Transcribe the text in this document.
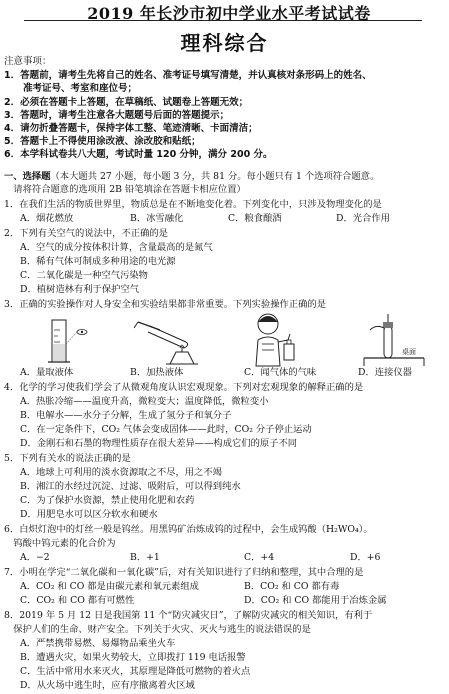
2019 年长沙市初中学业水平考试试卷
理科综合
注意事项：
1．答题前，请考生先将自己的姓名、准考证号填写清楚，并认真核对条形码上的姓名、
　　准考证号、考室和座位号；
2．必须在答题卡上答题，在草稿纸、试题卷上答题无效；
3．答题时，请考生注意各大题题号后面的答题提示；
4．请勿折叠答题卡，保持字体工整、笔迹清晰、卡面清洁；
5．答题卡上不得使用涂改液、涂改胶和贴纸；
6．本学科试卷共八大题，考试时量 120 分钟，满分 200 分。
一、选择题（本大题共 27 小题，每小题 3 分，共 81 分。每小题只有 1 个选项符合题意。
　请将符合题意的选项用 2B 铅笔填涂在答题卡相应位置）
1．在我们生活的物质世界里，物质总是在不断地变化着。下列变化中，只涉及物理变化的是
A．烟花燃放	B．冰雪融化	C．粮食酿酒	D．光合作用
2．下列有关空气的说法中，不正确的是
A．空气的成分按体积计算，含量最高的是氮气
B．稀有气体可制成多种用途的电光源
C．二氧化碳是一种空气污染物
D．植树造林有利于保护空气
3．正确的实验操作对人身安全和实验结果都非常重要。下列实验操作正确的是
桌面
A．量取液体	B．加热液体	C．闻气体的气味	D．连接仪器
4．化学的学习使我们学会了从微观角度认识宏观现象。下列对宏观现象的解释正确的是
A．热胀冷缩——温度升高，微粒变大；温度降低，微粒变小
B．电解水——水分子分解，生成了氢分子和氧分子
C．在一定条件下，CO₂ 气体会变成固体——此时，CO₂ 分子停止运动
D．金刚石和石墨的物理性质存在很大差异——构成它们的原子不同
5．下列有关水的说法正确的是
A．地球上可利用的淡水资源取之不尽，用之不竭
B．湘江的水经过沉淀、过滤、吸附后，可以得到纯水
C．为了保护水资源，禁止使用化肥和农药
D．用肥皂水可以区分软水和硬水
6．白炽灯泡中的灯丝一般是钨丝。用黑钨矿治炼成钨的过程中，会生成钨酸（H₂WO₄）。
　钨酸中钨元素的化合价为
A．−2	B．+1	C．+4	D．+6
7．小明在学完“二氧化碳和一氧化碳”后，对有关知识进行了归纳和整理，其中合理的是
A．CO₂ 和 CO 都是由碳元素和氧元素组成	B．CO₂ 和 CO 都有毒
C．CO₂ 和 CO 都有可燃性	D．CO₂ 和 CO 都能用于冶炼金属
8．2019 年 5 月 12 日是我国第 11 个“防灾减灾日”，了解防灾减灾的相关知识，有利于
　保护人们的生命、财产安全。下列关于火灾、灭火与逃生的说法错误的是
A．严禁携带易燃、易爆物品乘坐火车
B．遭遇火灾，如果火势较大，立即拨打 119 电话报警
C．生活中常用水来灭火，其原理是降低可燃物的着火点
D．从火场中逃生时，应有序撤离着火区域
